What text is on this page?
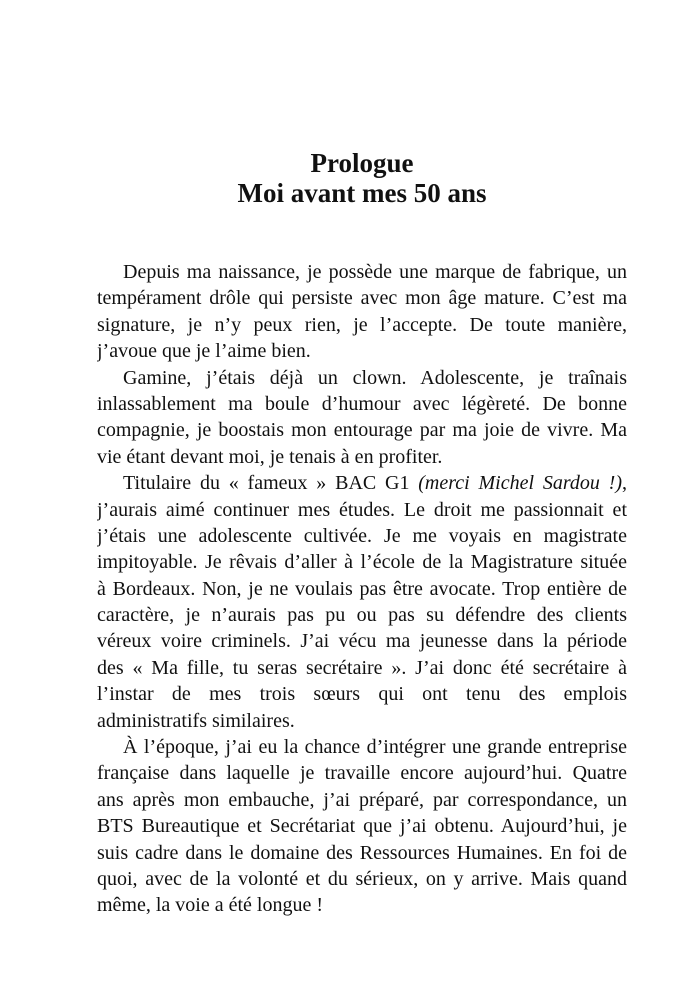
Prologue
Moi avant mes 50 ans
Depuis ma naissance, je possède une marque de fabrique, un
tempérament drôle qui persiste avec mon âge mature. C’est ma
signature, je n’y peux rien, je l’accepte. De toute manière,
j’avoue que je l’aime bien.
Gamine, j’étais déjà un clown. Adolescente, je traînais
inlassablement ma boule d’humour avec légèreté. De bonne
compagnie, je boostais mon entourage par ma joie de vivre. Ma
vie étant devant moi, je tenais à en profiter.
Titulaire du « fameux » BAC G1 (merci Michel Sardou !),
j’aurais aimé continuer mes études. Le droit me passionnait et
j’étais une adolescente cultivée. Je me voyais en magistrate
impitoyable. Je rêvais d’aller à l’école de la Magistrature située
à Bordeaux. Non, je ne voulais pas être avocate. Trop entière de
caractère, je n’aurais pas pu ou pas su défendre des clients
véreux voire criminels. J’ai vécu ma jeunesse dans la période
des « Ma fille, tu seras secrétaire ». J’ai donc été secrétaire à
l’instar de mes trois sœurs qui ont tenu des emplois
administratifs similaires.
À l’époque, j’ai eu la chance d’intégrer une grande entreprise
française dans laquelle je travaille encore aujourd’hui. Quatre
ans après mon embauche, j’ai préparé, par correspondance, un
BTS Bureautique et Secrétariat que j’ai obtenu. Aujourd’hui, je
suis cadre dans le domaine des Ressources Humaines. En foi de
quoi, avec de la volonté et du sérieux, on y arrive. Mais quand
même, la voie a été longue !
